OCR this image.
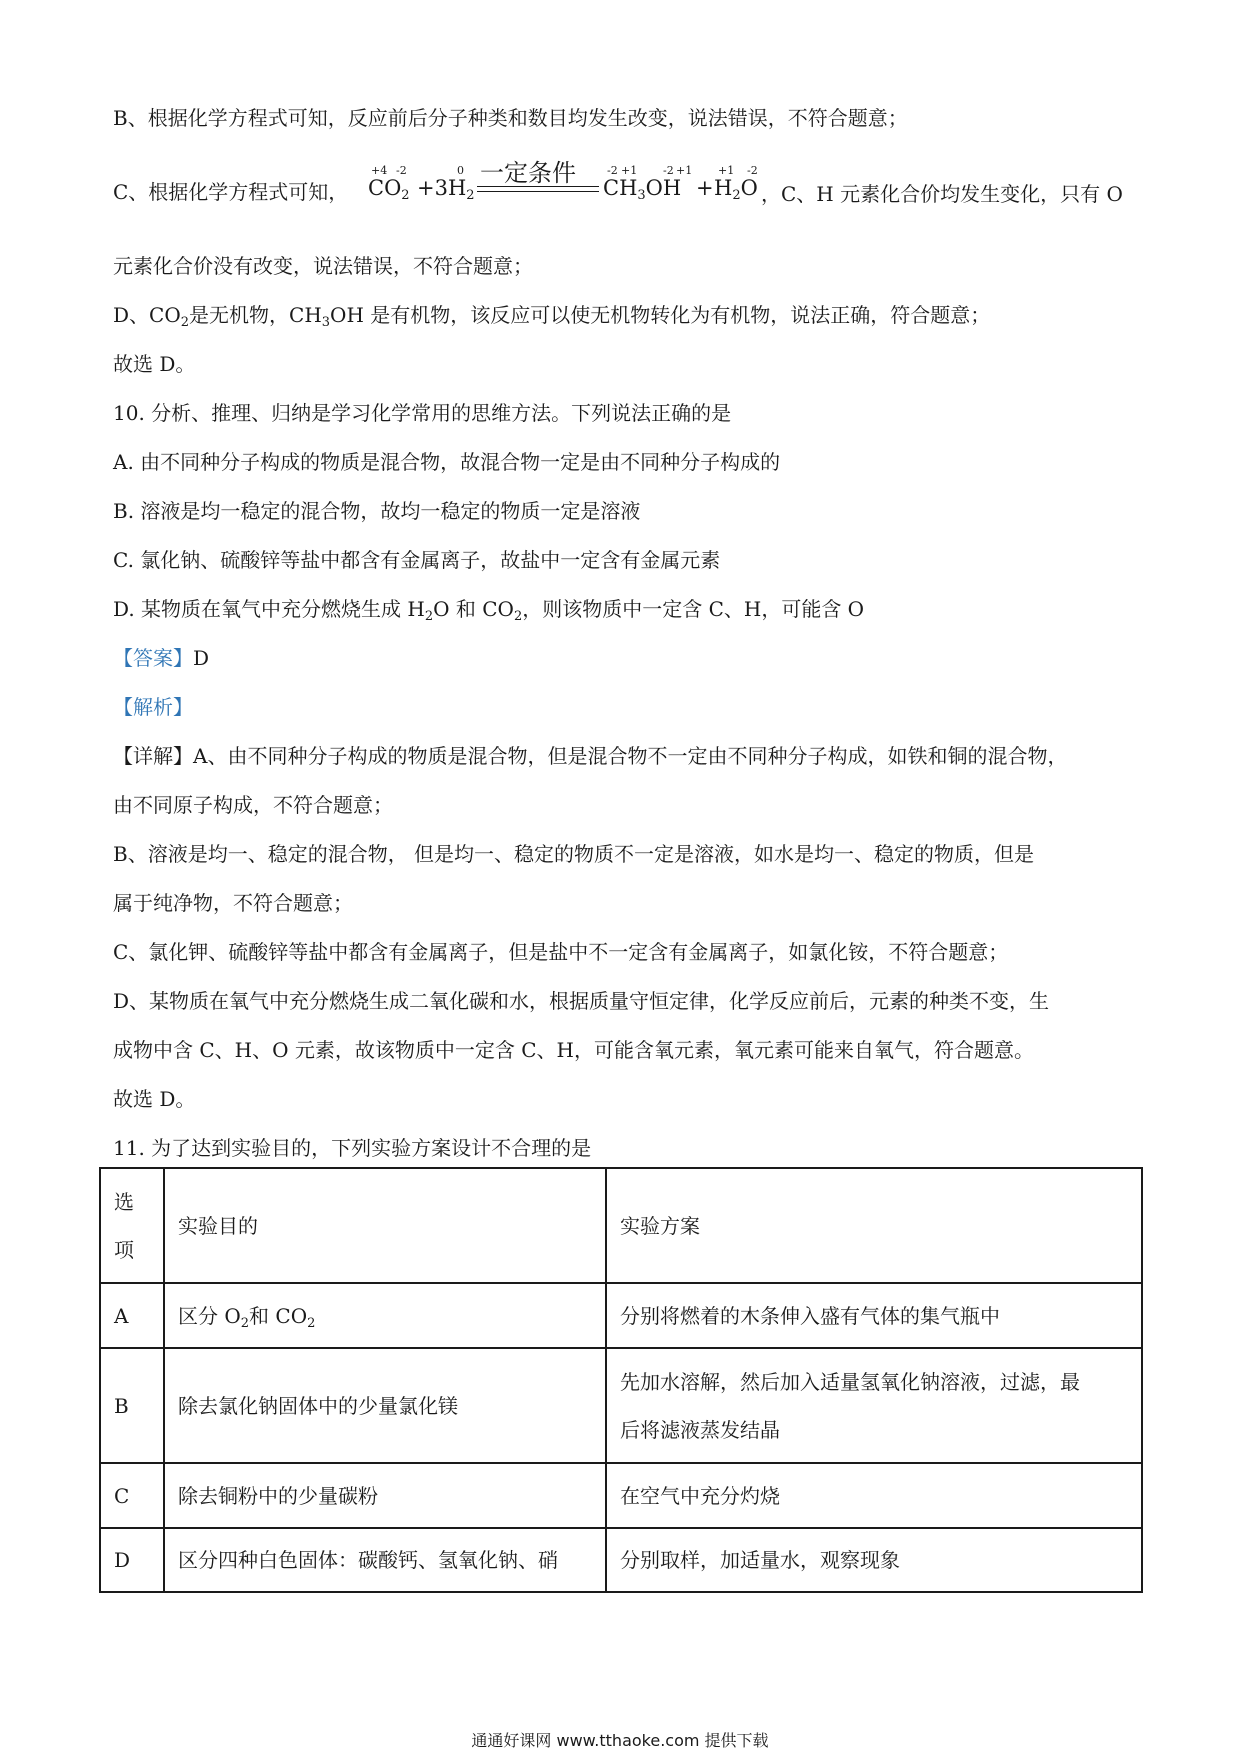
B、根据化学方程式可知，反应前后分子种类和数目均发生改变，说法错误，不符合题意；
C、根据化学方程式可知，
+4 -2	0
$CO_2 +3H_2$
一定条件	-2 +1 -2 +1 +1 -2
$CH_3OH + H_2O$ ，C、H 元素化合价均发生变化，只有 O
元素化合价没有改变，说法错误，不符合题意；
D、$CO_2$是无机物，$CH_3OH$ 是有机物，该反应可以使无机物转化为有机物，说法正确，符合题意；
故选 D。
10. 分析、推理、归纳是学习化学常用的思维方法。下列说法正确的是
A. 由不同种分子构成的物质是混合物，故混合物一定是由不同种分子构成的
B. 溶液是均一稳定的混合物，故均一稳定的物质一定是溶液
C. 氯化钠、硫酸锌等盐中都含有金属离子，故盐中一定含有金属元素
D. 某物质在氧气中充分燃烧生成 $H_2O$ 和 $CO_2$，则该物质中一定含 C、H，可能含 O
【答案】D
【解析】
【详解】A、由不同种分子构成的物质是混合物，但是混合物不一定由不同种分子构成，如铁和铜的混合物，
由不同原子构成，不符合题意；
B、溶液是均一、稳定的混合物， 但是均一、稳定的物质不一定是溶液，如水是均一、稳定的物质，但是
属于纯净物，不符合题意；
C、氯化钾、硫酸锌等盐中都含有金属离子，但是盐中不一定含有金属离子，如氯化铵，不符合题意；
D、某物质在氧气中充分燃烧生成二氧化碳和水，根据质量守恒定律，化学反应前后，元素的种类不变，生
成物中含 C、H、O 元素，故该物质中一定含 C、H，可能含氧元素，氧元素可能来自氧气，符合题意。
故选 D。
11. 为了达到实验目的，下列实验方案设计不合理的是
选
项	实验目的	实验方案
A	区分 $O_2$和 $CO_2$	分别将燃着的木条伸入盛有气体的集气瓶中
B	除去氯化钠固体中的少量氯化镁	先加水溶解，然后加入适量氢氧化钠溶液，过滤，最
后将滤液蒸发结晶
C	除去铜粉中的少量碳粉	在空气中充分灼烧
D	区分四种白色固体：碳酸钙、氢氧化钠、硝	分别取样，加适量水，观察现象
通通好课网 www.tthaoke.com 提供下载
